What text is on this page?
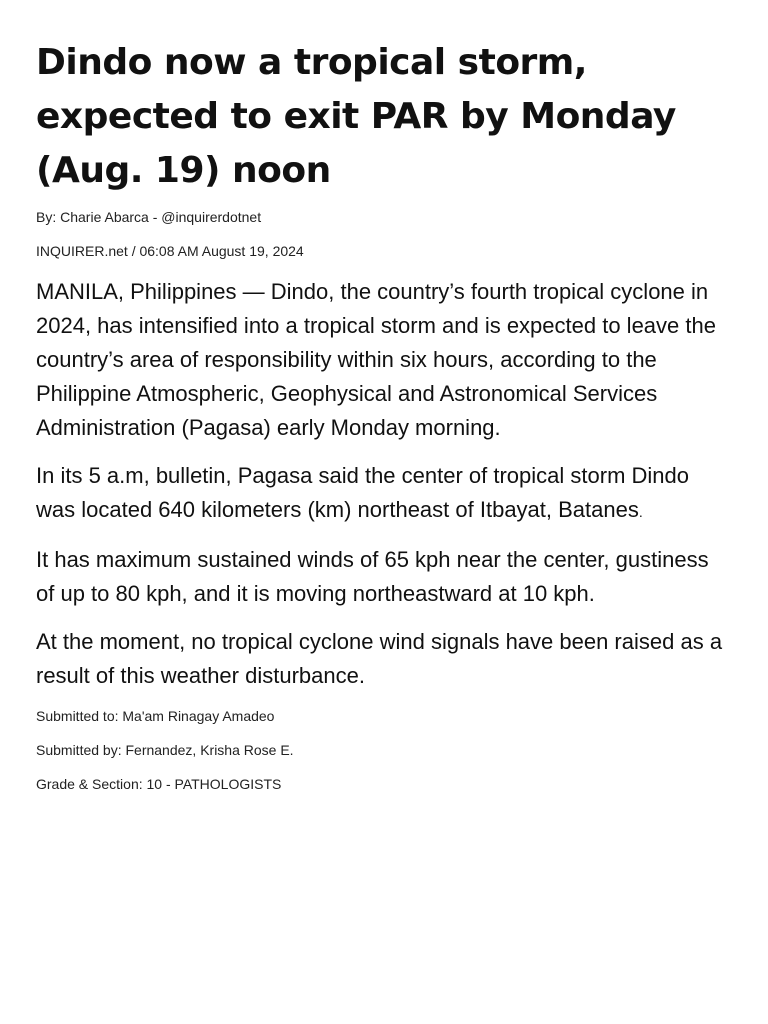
Dindo now a tropical storm, expected to exit PAR by Monday (Aug. 19) noon

By: Charie Abarca - @inquirerdotnet

INQUIRER.net / 06:08 AM August 19, 2024

MANILA, Philippines — Dindo, the country’s fourth tropical cyclone in 2024, has intensified into a tropical storm and is expected to leave the country’s area of responsibility within six hours, according to the Philippine Atmospheric, Geophysical and Astronomical Services Administration (Pagasa) early Monday morning.

In its 5 a.m, bulletin, Pagasa said the center of tropical storm Dindo was located 640 kilometers (km) northeast of Itbayat, Batanes.

It has maximum sustained winds of 65 kph near the center, gustiness of up to 80 kph, and it is moving northeastward at 10 kph.

At the moment, no tropical cyclone wind signals have been raised as a result of this weather disturbance.

Submitted to: Ma'am Rinagay Amadeo

Submitted by: Fernandez, Krisha Rose E.

Grade & Section: 10 - PATHOLOGISTS
